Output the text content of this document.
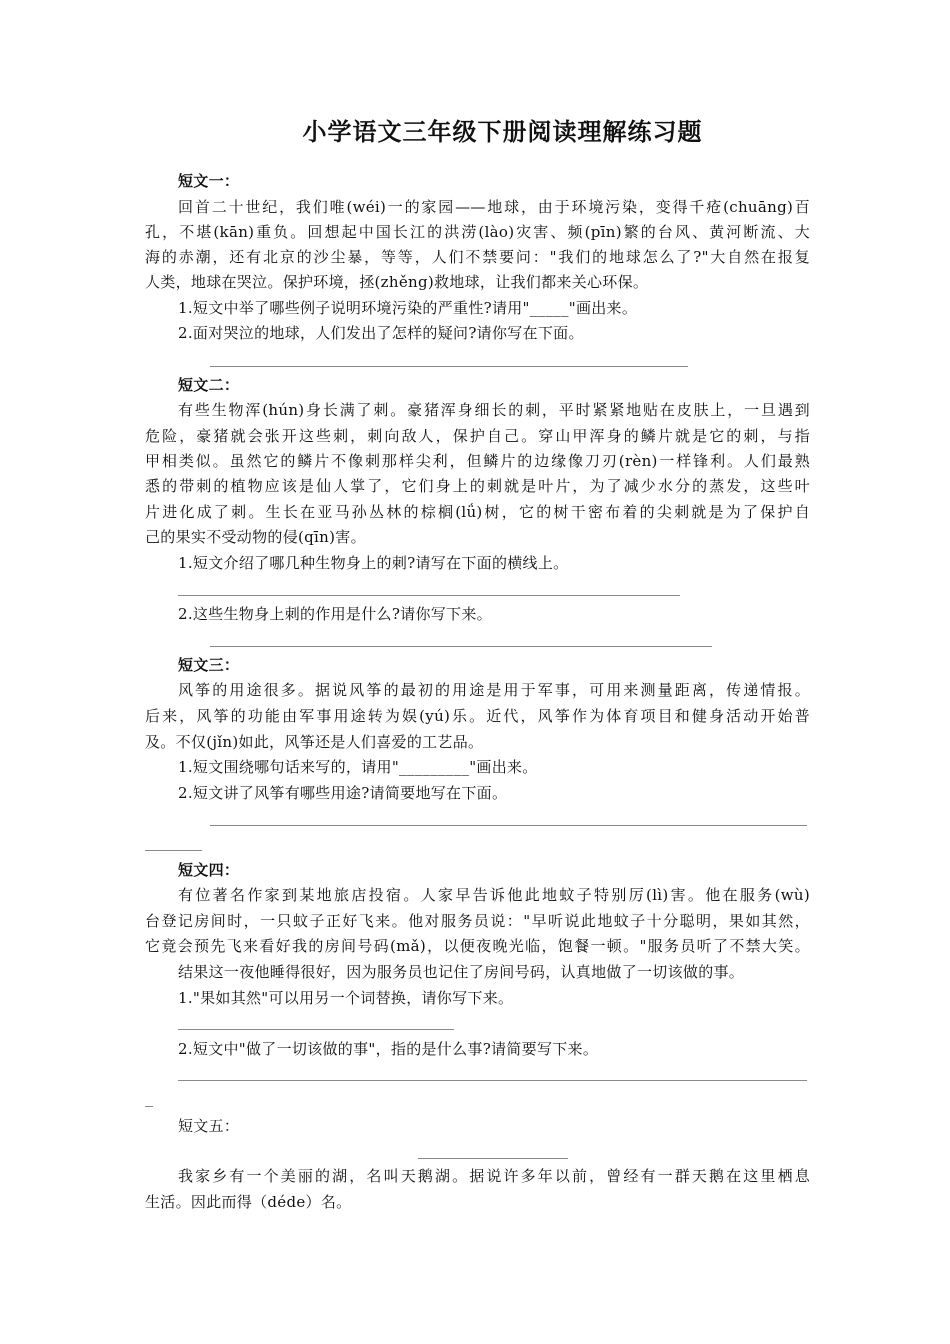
小学语文三年级下册阅读理解练习题
短文一：
回首二十世纪，我们唯(wéi)一的家园——地球，由于环境污染，变得千疮(chuāng)百
孔，不堪(kān)重负。回想起中国长江的洪涝(lào)灾害、频(pīn)繁的台风、黄河断流、大
海的赤潮，还有北京的沙尘暴，等等，人们不禁要问："我们的地球怎么了?"大自然在报复
人类，地球在哭泣。保护环境，拯(zhěng)救地球，让我们都来关心环保。
1.短文中举了哪些例子说明环境污染的严重性?请用"_____"画出来。
2.面对哭泣的地球，人们发出了怎样的疑问?请你写在下面。
短文二：
有些生物浑(hún)身长满了刺。豪猪浑身细长的刺，平时紧紧地贴在皮肤上，一旦遇到
危险，豪猪就会张开这些刺，刺向敌人，保护自己。穿山甲浑身的鳞片就是它的刺，与指
甲相类似。虽然它的鳞片不像刺那样尖利，但鳞片的边缘像刀刃(rèn)一样锋利。人们最熟
悉的带刺的植物应该是仙人掌了，它们身上的刺就是叶片，为了减少水分的蒸发，这些叶
片进化成了刺。生长在亚马孙丛林的棕榈(lǘ)树，它的树干密布着的尖刺就是为了保护自
己的果实不受动物的侵(qīn)害。
1.短文介绍了哪几种生物身上的刺?请写在下面的横线上。
2.这些生物身上刺的作用是什么?请你写下来。
短文三：
风筝的用途很多。据说风筝的最初的用途是用于军事，可用来测量距离，传递情报。
后来，风筝的功能由军事用途转为娱(yú)乐。近代，风筝作为体育项目和健身活动开始普
及。不仅(jǐn)如此，风筝还是人们喜爱的工艺品。
1.短文围绕哪句话来写的，请用"_________"画出来。
2.短文讲了风筝有哪些用途?请简要地写在下面。
短文四：
有位著名作家到某地旅店投宿。人家早告诉他此地蚊子特别厉(lì)害。他在服务(wù)
台登记房间时，一只蚊子正好飞来。他对服务员说："早听说此地蚊子十分聪明，果如其然，
它竟会预先飞来看好我的房间号码(mǎ)，以便夜晚光临，饱餐一顿。"服务员听了不禁大笑。
结果这一夜他睡得很好，因为服务员也记住了房间号码，认真地做了一切该做的事。
1."果如其然"可以用另一个词替换，请你写下来。
2.短文中"做了一切该做的事"，指的是什么事?请简要写下来。
短文五：
我家乡有一个美丽的湖，名叫天鹅湖。据说许多年以前，曾经有一群天鹅在这里栖息
生活。因此而得（déde）名。
